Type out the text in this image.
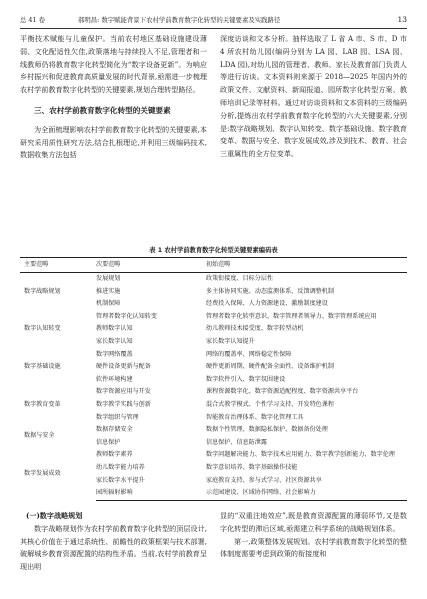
总 41 卷	郝明昌: 数字赋能背景下农村学前教育数字化转型的关键要素及实践路径	13

平衡技术赋能与儿童保护。当前农村地区基础设施建设薄弱、文化配适性欠佳,政策落地与持续投入不足,管理者和一线教师仍将教育数字化转型简化为“数字设备更新”。为响应乡村振兴和促进教育高质量发展的时代背景,亟需进一步梳理农村学前教育数字化转型的关键要素,规划合理转型路径。

三、农村学前教育数字化转型的关键要素

为全面梳理影响农村学前教育数字化转型的关键要素,本研究采用质性研究方法,结合扎根理论,并利用三级编码技术,数据收集方法包括

深度访谈和文本分析。抽样选取了 L 省 A 市、S 市、D 市 4 所农村幼儿园(编码分别为 LA 园、LAB 园、LSA 园、LDA 园),对幼儿园的管理者、教师、家长及教育部门负责人等进行访谈。文本资料则来源于 2018—2025 年国内外的政策文件、文献资料、新闻报道、园所数字化转型方案、教师培训记录等材料。通过对访谈资料和文本资料的三级编码分析,提炼出农村学前教育数字化转型的六大关键要素,分别是:数字战略规划、数字认知转变、数字基础设施、数字教育变革、数据与安全、数字发展成效,涉及到技术、教育、社会三重属性的全方位变革。

表 1 农村学前教育数字化转型关键要素编码表
主要范畴	次要范畴	初始范畴
数字战略规划	发展规划	政策衔接度、目标分层性
	推进实施	多主体协同实施、动态监测体系、反馈调整机制
	机制保障	经费投入保障、人力资源建设、激励制度建设
数字认知转变	管理者数字化认知转变	管理者数字化转型意识、数字管理者领导力、数字管理系统应用
	教师数字认知	幼儿教师技术接受度、数字转型动机
	家长数字认知	家长数字认知提升
数字基础设施	数字网络覆盖	网络的覆盖率、网络稳定性保障
	硬件设备更新与配备	硬件更新周期、硬件配备全面性、设备维护机制
	软件环境构建	数字软件引入、数字氛围建设
数字教育变革	数字资源应用与开发	课程资源数字化、数字资源适配程度、数字资源共享平台
	数字教学实践与创新	混合式教学模式、个性学习支持、开发特色课程
	数字组织与管理	智能教育治理体系、数字化管理工具
数据与安全	数据存储安全	数据个性管理、数据隐私保护、数据备份处理
	信息保护	信息保护、信息防泄露
数字发展成效	教师数字素养	数字问题解决能力、数字技术应用能力、数字教学创新能力、数字伦理
	幼儿数字能力培养	数字意识培养、数字基础操作技能
	家长数字水平提升	家庭教育支持、参与式学习、社区资源共享
	园所辐射影响	示范园建设、区域协作网络、社会影响力

(一)数字战略规划

数字战略规划作为农村学前教育数字化转型的顶层设计,其核心价值在于通过系统性、前瞻性的政策框架与技术部署,破解城乡教育资源配置的结构性矛盾。当前,农村学前教育呈现出明

显的“双重注地效应”,既是教育资源配置的薄弱环节,又是数字化转型的滞后区域,亟需建立科学系统的战略规划体系。

第一,政策整体发展规划。农村学前教育数字化转型的整体制度需要考虑到政策的衔接度和
